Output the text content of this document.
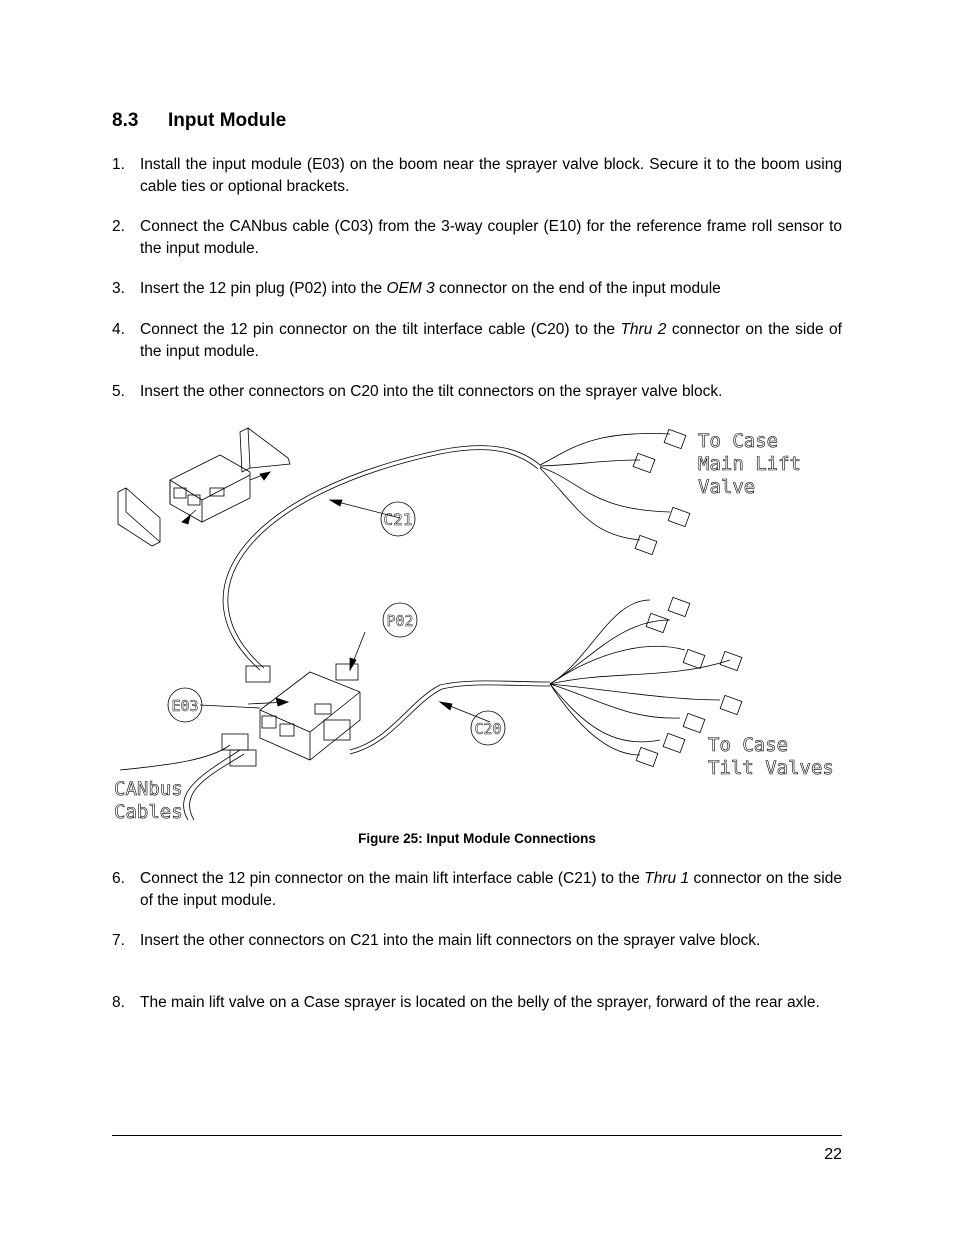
8.3 Input Module
1. Install the input module (E03) on the boom near the sprayer valve block. Secure it to the boom using cable ties or optional brackets.
2. Connect the CANbus cable (C03) from the 3-way coupler (E10) for the reference frame roll sensor to the input module.
3. Insert the 12 pin plug (P02) into the OEM 3 connector on the end of the input module
4. Connect the 12 pin connector on the tilt interface cable (C20) to the Thru 2 connector on the side of the input module.
5. Insert the other connectors on C20 into the tilt connectors on the sprayer valve block.
C21
P02
E03
C20
To Case
Main Lift
Valve
To Case
Tilt Valves
CANbus
Cables
Figure 25: Input Module Connections
6. Connect the 12 pin connector on the main lift interface cable (C21) to the Thru 1 connector on the side of the input module.
7. Insert the other connectors on C21 into the main lift connectors on the sprayer valve block.
8. The main lift valve on a Case sprayer is located on the belly of the sprayer, forward of the rear axle.
22
